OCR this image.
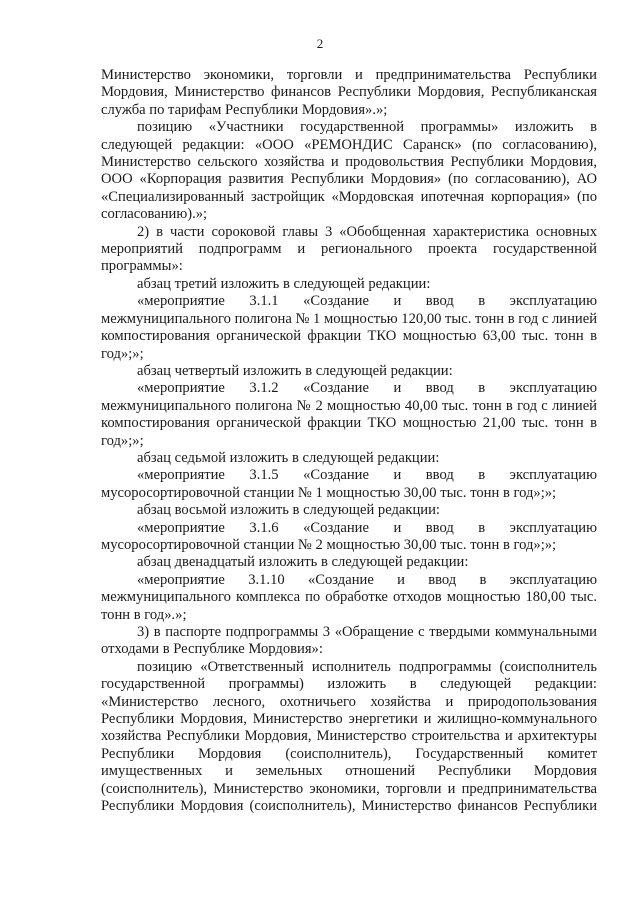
2

Министерство экономики, торговли и предпринимательства Республики Мордовия, Министерство финансов Республики Мордовия, Республиканская служба по тарифам Республики Мордовия».»;

позицию «Участники государственной программы» изложить в следующей редакции: «ООО «РЕМОНДИС Саранск» (по согласованию), Министерство сельского хозяйства и продовольствия Республики Мордовия, ООО «Корпорация развития Республики Мордовия» (по согласованию), АО «Специализированный застройщик «Мордовская ипотечная корпорация» (по согласованию).»;

2) в части сороковой главы 3 «Обобщенная характеристика основных мероприятий подпрограмм и регионального проекта государственной программы»:

абзац третий изложить в следующей редакции:

«мероприятие 3.1.1 «Создание и ввод в эксплуатацию межмуниципального полигона № 1 мощностью 120,00 тыс. тонн в год с линией компостирования органической фракции ТКО мощностью 63,00 тыс. тонн в год»;»;

абзац четвертый изложить в следующей редакции:

«мероприятие 3.1.2 «Создание и ввод в эксплуатацию межмуниципального полигона № 2 мощностью 40,00 тыс. тонн в год с линией компостирования органической фракции ТКО мощностью 21,00 тыс. тонн в год»;»;

абзац седьмой изложить в следующей редакции:

«мероприятие 3.1.5 «Создание и ввод в эксплуатацию мусоросортировочной станции № 1 мощностью 30,00 тыс. тонн в год»;»;

абзац восьмой изложить в следующей редакции:

«мероприятие 3.1.6 «Создание и ввод в эксплуатацию мусоросортировочной станции № 2 мощностью 30,00 тыс. тонн в год»;»;

абзац двенадцатый изложить в следующей редакции:

«мероприятие 3.1.10 «Создание и ввод в эксплуатацию межмуниципального комплекса по обработке отходов мощностью 180,00 тыс. тонн в год».»;

3) в паспорте подпрограммы 3 «Обращение с твердыми коммунальными отходами в Республике Мордовия»:

позицию «Ответственный исполнитель подпрограммы (соисполнитель государственной программы) изложить в следующей редакции: «Министерство лесного, охотничьего хозяйства и природопользования Республики Мордовия, Министерство энергетики и жилищно-коммунального хозяйства Республики Мордовия, Министерство строительства и архитектуры Республики Мордовия (соисполнитель), Государственный комитет имущественных и земельных отношений Республики Мордовия (соисполнитель), Министерство экономики, торговли и предпринимательства Республики Мордовия (соисполнитель), Министерство финансов Республики
